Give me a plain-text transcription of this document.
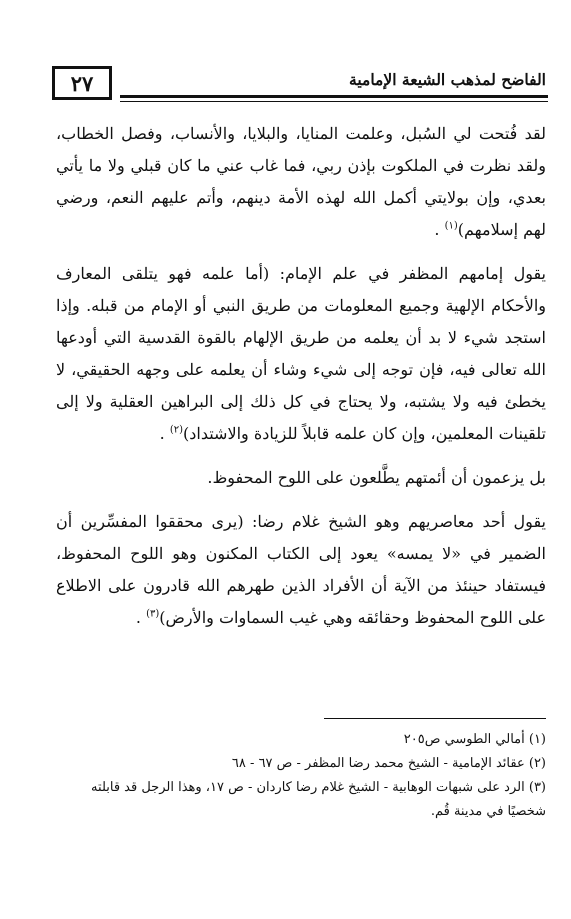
٢٧	الفاضح لمذهب الشيعة الإمامية

لقد فُتحت لي السُبل، وعلمت المنايا، والبلايا، والأنساب، وفصل الخطاب، ولقد نظرت في الملكوت بإذن ربي، فما غاب عني ما كان قبلي ولا ما يأتي بعدي، وإن بولايتي أكمل الله لهذه الأمة دينهم، وأتم عليهم النعم، ورضي لهم إسلامهم)$^{(١)}$ .

يقول إمامهم المظفر في علم الإمام: (أما علمه فهو يتلقى المعارف والأحكام الإلهية وجميع المعلومات من طريق النبي أو الإمام من قبله. وإذا استجد شيء لا بد أن يعلمه من طريق الإلهام بالقوة القدسية التي أودعها الله تعالى فيه، فإن توجه إلى شيء وشاء أن يعلمه على وجهه الحقيقي، لا يخطئ فيه ولا يشتبه، ولا يحتاج في كل ذلك إلى البراهين العقلية ولا إلى تلقينات المعلمين، وإن كان علمه قابلاً للزيادة والاشتداد)$^{(٢)}$ .

بل يزعمون أن أئمتهم يطَّلعون على اللوح المحفوظ.

يقول أحد معاصريهم وهو الشيخ غلام رضا: (يرى محققوا المفسِّرين أن الضمير في «لا يمسه» يعود إلى الكتاب المكنون وهو اللوح المحفوظ، فيستفاد حينئذ من الآية أن الأفراد الذين طهرهم الله قادرون على الاطلاع على اللوح المحفوظ وحقائقه وهي غيب السماوات والأرض)$^{(٣)}$ .

(١) أمالي الطوسي ص٢٠٥

(٢) عقائد الإمامية - الشيخ محمد رضا المظفر - ص ٦٧ - ٦٨

(٣) الرد على شبهات الوهابية - الشيخ غلام رضا كاردان - ص ١٧، وهذا الرجل قد قابلته شخصيًا في مدينة قُم.
